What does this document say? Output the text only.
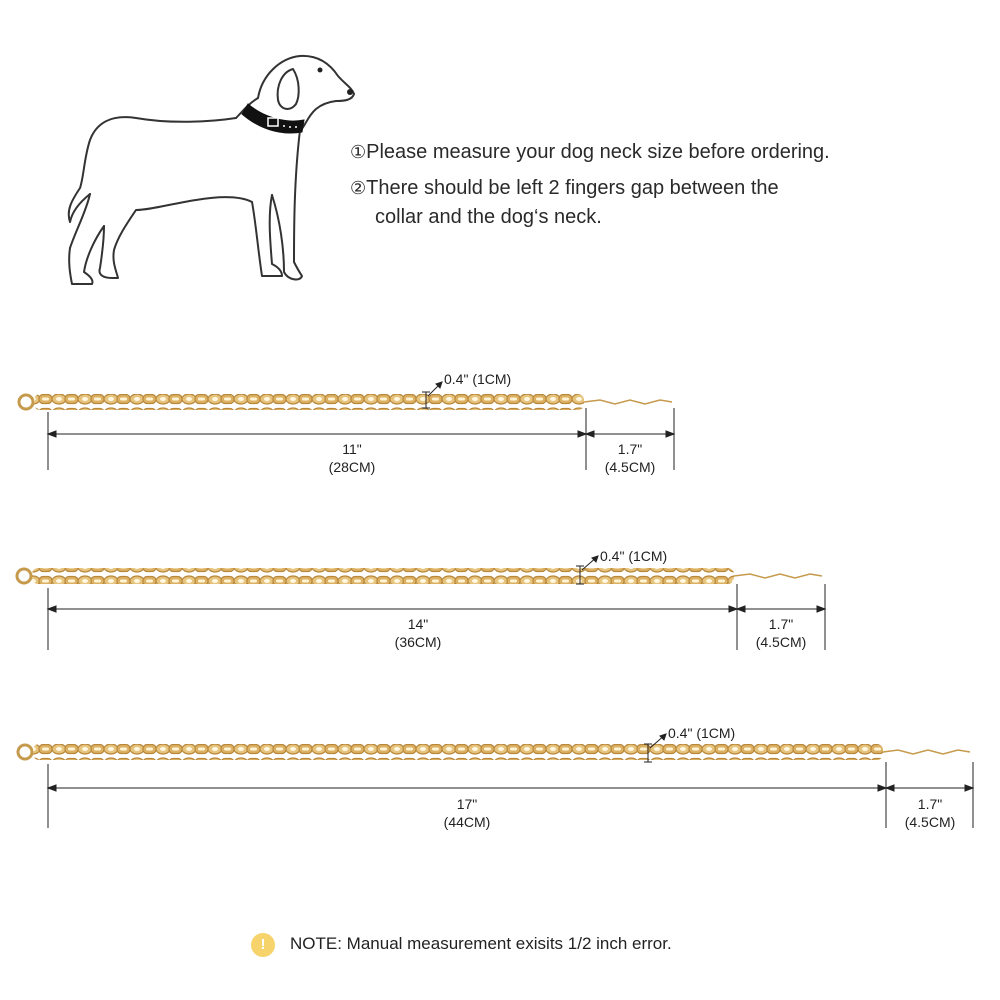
①Please measure your dog neck size before ordering.
②There should be left 2 fingers gap between the
collar and the dog‘s neck.
0.4" (1CM)
11"
(28CM)
1.7"
(4.5CM)
0.4" (1CM)
14"
(36CM)
1.7"
(4.5CM)
0.4" (1CM)
17"
(44CM)
1.7"
(4.5CM)
!	NOTE: Manual measurement exisits 1/2 inch error.
